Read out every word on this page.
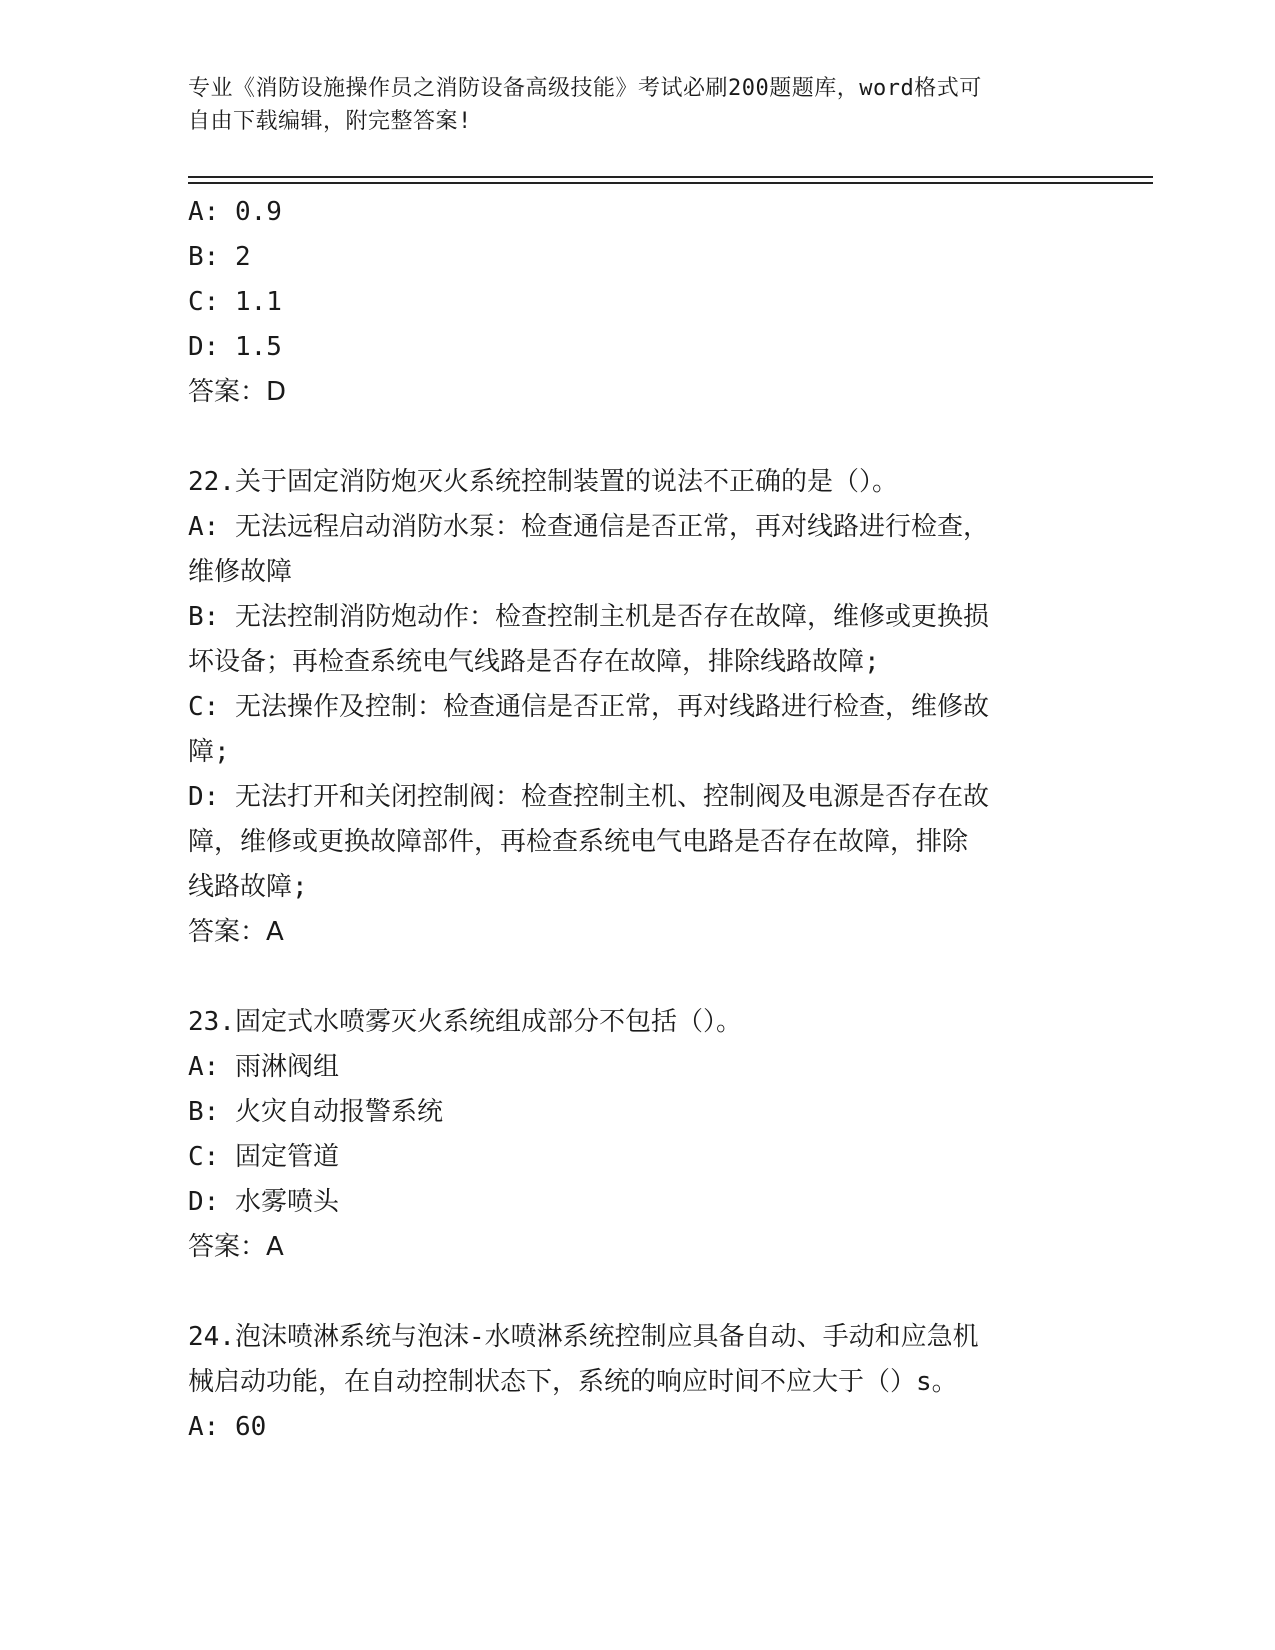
专业《消防设施操作员之消防设备高级技能》考试必刷200题题库，word格式可
自由下载编辑，附完整答案!
A: 0.9
B: 2
C: 1.1
D: 1.5
答案：D
22.关于固定消防炮灭火系统控制装置的说法不正确的是（）。
A: 无法远程启动消防水泵：检查通信是否正常，再对线路进行检查，
维修故障
B: 无法控制消防炮动作：检查控制主机是否存在故障，维修或更换损
坏设备；再检查系统电气线路是否存在故障，排除线路故障;
C: 无法操作及控制：检查通信是否正常，再对线路进行检查，维修故
障;
D: 无法打开和关闭控制阀：检查控制主机、控制阀及电源是否存在故
障，维修或更换故障部件，再检查系统电气电路是否存在故障，排除
线路故障;
答案：A
23.固定式水喷雾灭火系统组成部分不包括（）。
A: 雨淋阀组
B: 火灾自动报警系统
C: 固定管道
D: 水雾喷头
答案：A
24.泡沫喷淋系统与泡沫-水喷淋系统控制应具备自动、手动和应急机
械启动功能，在自动控制状态下，系统的响应时间不应大于（）s。
A: 60
